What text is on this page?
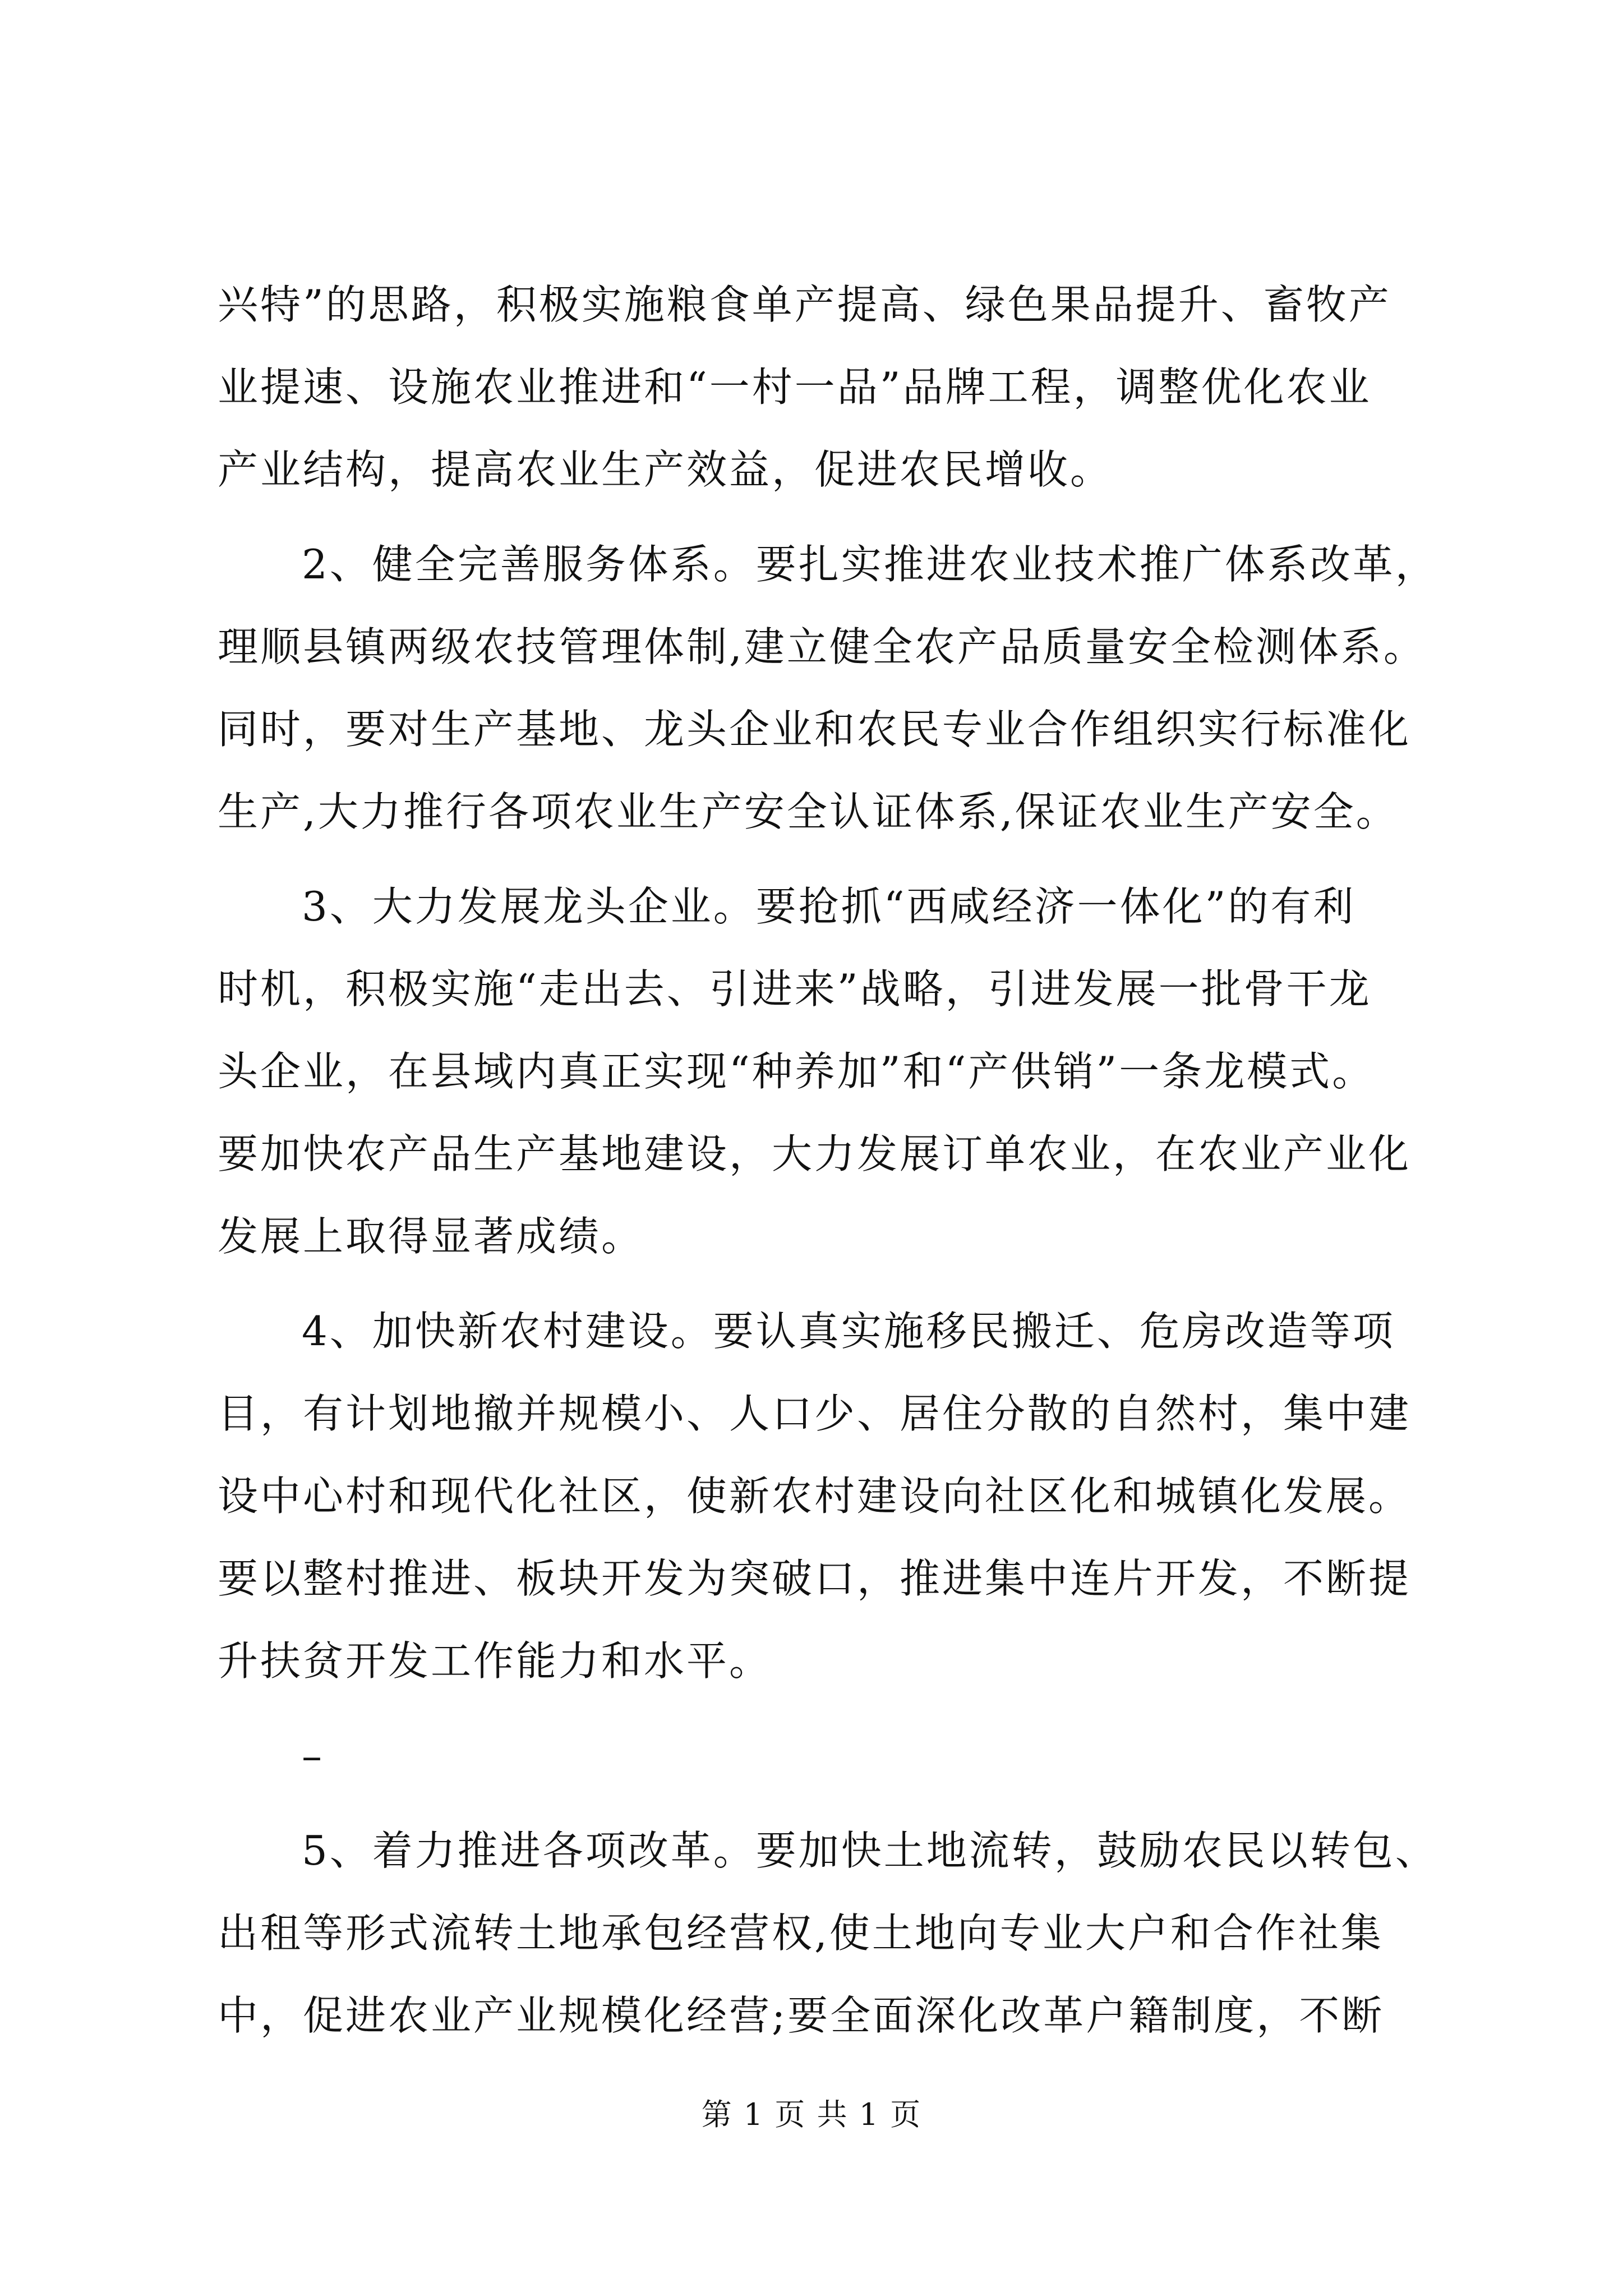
兴特”的思路，积极实施粮食单产提高、绿色果品提升、畜牧产
业提速、设施农业推进和“一村一品”品牌工程，调整优化农业
产业结构，提高农业生产效益，促进农民增收。
2、健全完善服务体系。要扎实推进农业技术推广体系改革，
理顺县镇两级农技管理体制,建立健全农产品质量安全检测体系。
同时，要对生产基地、龙头企业和农民专业合作组织实行标准化
生产,大力推行各项农业生产安全认证体系,保证农业生产安全。
3、大力发展龙头企业。要抢抓“西咸经济一体化”的有利
时机，积极实施“走出去、引进来”战略，引进发展一批骨干龙
头企业，在县域内真正实现“种养加”和“产供销”一条龙模式。
要加快农产品生产基地建设，大力发展订单农业，在农业产业化
发展上取得显著成绩。
4、加快新农村建设。要认真实施移民搬迁、危房改造等项
目，有计划地撤并规模小、人口少、居住分散的自然村，集中建
设中心村和现代化社区，使新农村建设向社区化和城镇化发展。
要以整村推进、板块开发为突破口，推进集中连片开发，不断提
升扶贫开发工作能力和水平。
–
5、着力推进各项改革。要加快土地流转，鼓励农民以转包、
出租等形式流转土地承包经营权,使土地向专业大户和合作社集
中，促进农业产业规模化经营;要全面深化改革户籍制度，不断
第 1 页 共 1 页
